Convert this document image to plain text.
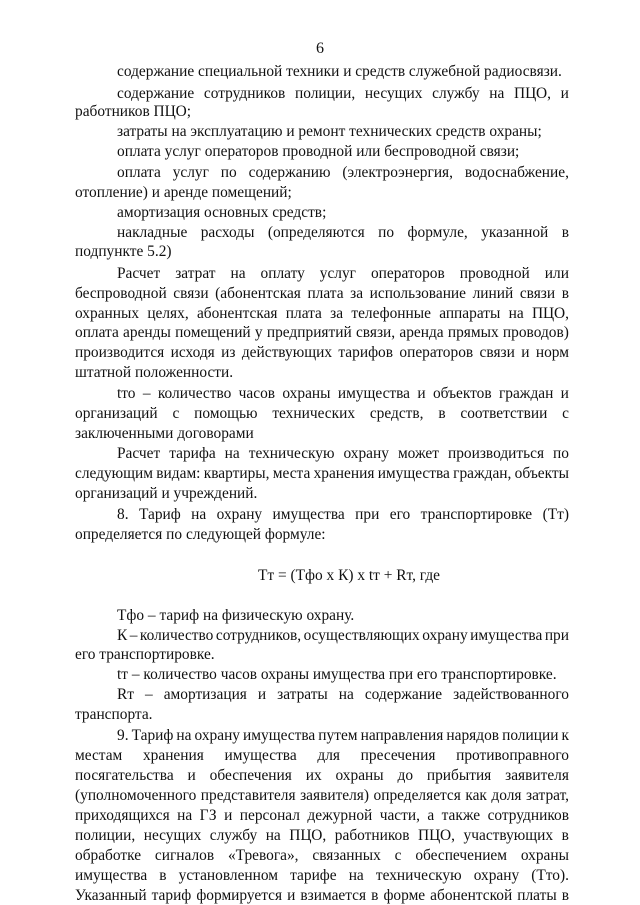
6
содержание специальной техники и средств служебной радиосвязи.
содержание сотрудников полиции, несущих службу на ПЦО, и
работников ПЦО;
затраты на эксплуатацию и ремонт технических средств охраны;
оплата услуг операторов проводной или беспроводной связи;
оплата услуг по содержанию (электроэнергия, водоснабжение,
отопление) и аренде помещений;
амортизация основных средств;
накладные расходы (определяются по формуле, указанной в
подпункте 5.2)
Расчет затрат на оплату услуг операторов проводной или
беспроводной связи (абонентская плата за использование линий связи в
охранных целях, абонентская плата за телефонные аппараты на ПЦО,
оплата аренды помещений у предприятий связи, аренда прямых проводов)
производится исходя из действующих тарифов операторов связи и норм
штатной положенности.
tто – количество часов охраны имущества и объектов граждан и
организаций с помощью технических средств, в соответствии с
заключенными договорами
Расчет тарифа на техническую охрану может производиться по
следующим видам: квартиры, места хранения имущества граждан, объекты
организаций и учреждений.
8. Тариф на охрану имущества при его транспортировке (Тт)
определяется по следующей формуле:
Тт = (Тфо х К) х tт + Rт, где
Тфо – тариф на физическую охрану.
К – количество сотрудников, осуществляющих охрану имущества при
его транспортировке.
tт – количество часов охраны имущества при его транспортировке.
Rт – амортизация и затраты на содержание задействованного
транспорта.
9. Тариф на охрану имущества путем направления нарядов полиции к
местам хранения имущества для пресечения противоправного
посягательства и обеспечения их охраны до прибытия заявителя
(уполномоченного представителя заявителя) определяется как доля затрат,
приходящихся на ГЗ и персонал дежурной части, а также сотрудников
полиции, несущих службу на ПЦО, работников ПЦО, участвующих в
обработке сигналов «Тревога», связанных с обеспечением охраны
имущества в установленном тарифе на техническую охрану (Тто).
Указанный тариф формируется и взимается в форме абонентской платы в
